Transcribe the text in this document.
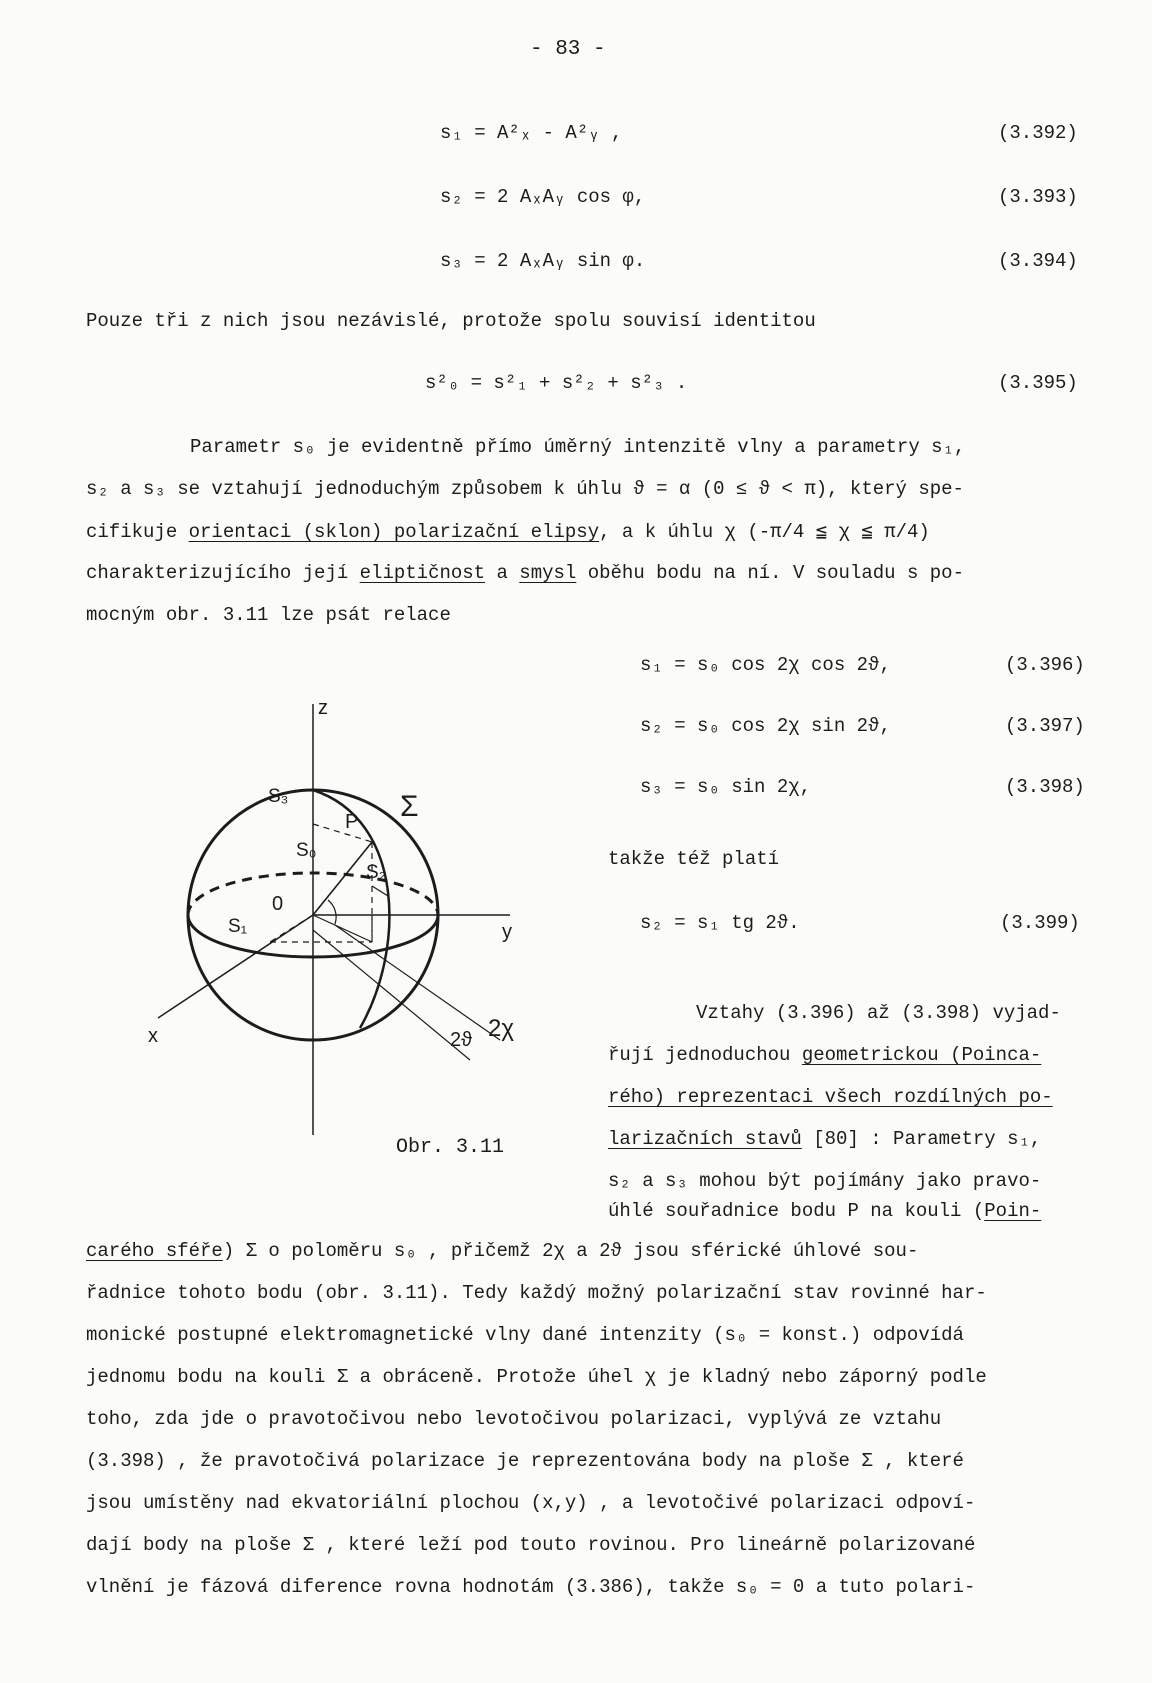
- 83 -
s₁ = A²ₓ - A²ᵧ ,	(3.392)
s₂ = 2 AₓAᵧ cos φ,	(3.393)
s₃ = 2 AₓAᵧ sin φ.	(3.394)
Pouze tři z nich jsou nezávislé, protože spolu souvisí identitou
s²₀ = s²₁ + s²₂ + s²₃ .	(3.395)
Parametr s₀ je evidentně přímo úměrný intenzitě vlny a parametry s₁,
s₂ a s₃ se vztahují jednoduchým způsobem k úhlu ϑ = α (0 ≤ ϑ < π), který spe-
cifikuje orientaci (sklon) polarizační elipsy, a k úhlu χ (-π/4 ≦ χ ≦ π/4)
charakterizujícího její eliptičnost a smysl oběhu bodu na ní. V souladu s po-
mocným obr. 3.11 lze psát relace
s₁ = s₀ cos 2χ cos 2ϑ,	(3.396)
s₂ = s₀ cos 2χ sin 2ϑ,	(3.397)
s₃ = s₀ sin 2χ,	(3.398)
takže též platí
s₂ = s₁ tg 2ϑ.	(3.399)
z
y
x
S₃
P Σ
S₀
S₂
0
S₁
2χ
2ϑ
Obr. 3.11
Vztahy (3.396) až (3.398) vyjad-
řují jednoduchou geometrickou (Poinca-
rého) reprezentaci všech rozdílných po-
larizačních stavů [80] : Parametry s₁,
s₂ a s₃ mohou být pojímány jako pravo-
úhlé souřadnice bodu P na kouli (Poin-
carého sféře) Σ o poloměru s₀ , přičemž 2χ a 2ϑ jsou sférické úhlové sou-
řadnice tohoto bodu (obr. 3.11). Tedy každý možný polarizační stav rovinné har-
monické postupné elektromagnetické vlny dané intenzity (s₀ = konst.) odpovídá
jednomu bodu na kouli Σ a obráceně. Protože úhel χ je kladný nebo záporný podle
toho, zda jde o pravotočivou nebo levotočivou polarizaci, vyplývá ze vztahu
(3.398) , že pravotočivá polarizace je reprezentována body na ploše Σ , které
jsou umístěny nad ekvatoriální plochou (x,y) , a levotočivé polarizaci odpoví-
dají body na ploše Σ , které leží pod touto rovinou. Pro lineárně polarizované
vlnění je fázová diference rovna hodnotám (3.386), takže s₀ = 0 a tuto polari-
